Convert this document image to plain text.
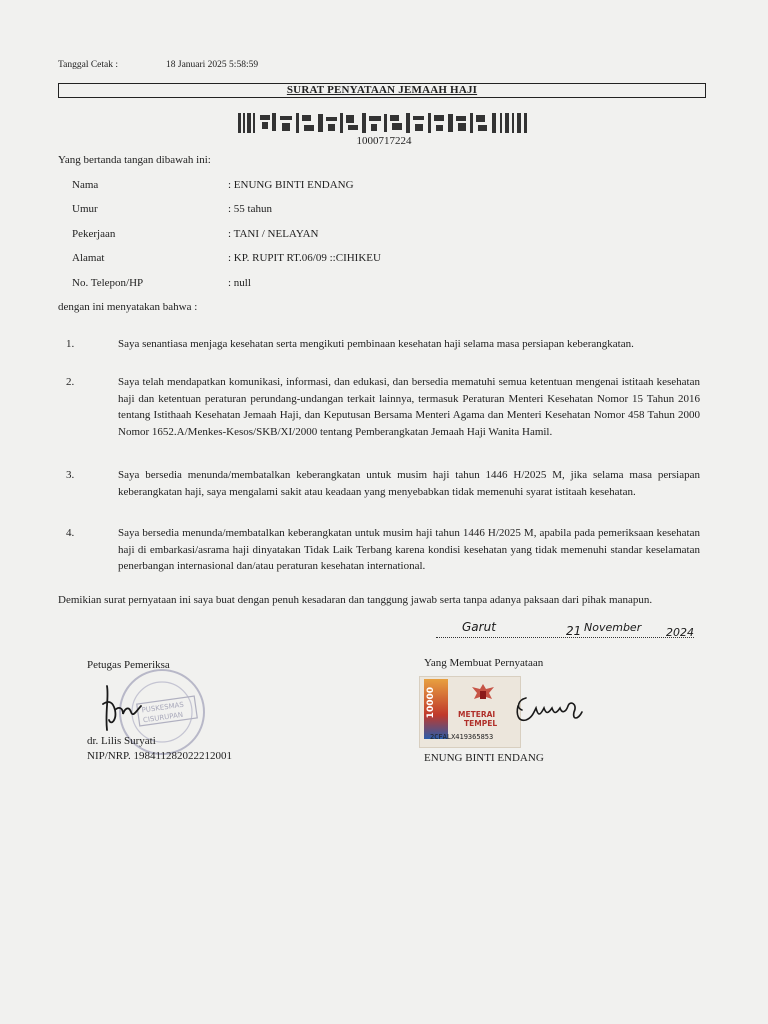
Tanggal Cetak :	18 Januari 2025 5:58:59
SURAT PENYATAAN JEMAAH HAJI
1000717224
Yang bertanda tangan dibawah ini:
Nama	: ENUNG BINTI ENDANG
Umur	: 55 tahun
Pekerjaan	: TANI / NELAYAN
Alamat	: KP. RUPIT RT.06/09 ::CIHIKEU
No. Telepon/HP	: null
dengan ini menyatakan bahwa :
1.	Saya senantiasa menjaga kesehatan serta mengikuti pembinaan kesehatan haji selama masa persiapan keberangkatan.
2.	Saya telah mendapatkan komunikasi, informasi, dan edukasi, dan bersedia mematuhi semua ketentuan mengenai istitaah kesehatan haji dan ketentuan peraturan perundang-undangan terkait lainnya, termasuk Peraturan Menteri Kesehatan Nomor 15 Tahun 2016 tentang Istithaah Kesehatan Jemaah Haji, dan Keputusan Bersama Menteri Agama dan Menteri Kesehatan Nomor 458 Tahun 2000 Nomor 1652.A/Menkes-Kesos/SKB/XI/2000 tentang Pemberangkatan Jemaah Haji Wanita Hamil.
3.	Saya bersedia menunda/membatalkan keberangkatan untuk musim haji tahun 1446 H/2025 M, jika selama masa persiapan keberangkatan haji, saya mengalami sakit atau keadaan yang menyebabkan tidak memenuhi syarat istitaah kesehatan.
4.	Saya bersedia menunda/membatalkan keberangkatan untuk musim haji tahun 1446 H/2025 M, apabila pada pemeriksaan kesehatan haji di embarkasi/asrama haji dinyatakan Tidak Laik Terbang karena kondisi kesehatan yang tidak memenuhi standar keselamatan penerbangan internasional dan/atau peraturan kesehatan international.
Demikian surat pernyataan ini saya buat dengan penuh kesadaran dan tanggung jawab serta tanpa adanya paksaan dari pihak manapun.
Garut	21 November 2024
Petugas Pemeriksa
PUSKESMAS
CISURUPAN
dr. Lilis Suryati
NIP/NRP. 198411282022212001
Yang Membuat Pernyataan
10000	METERAI
TEMPEL
2CFALX419365853
ENUNG BINTI ENDANG
